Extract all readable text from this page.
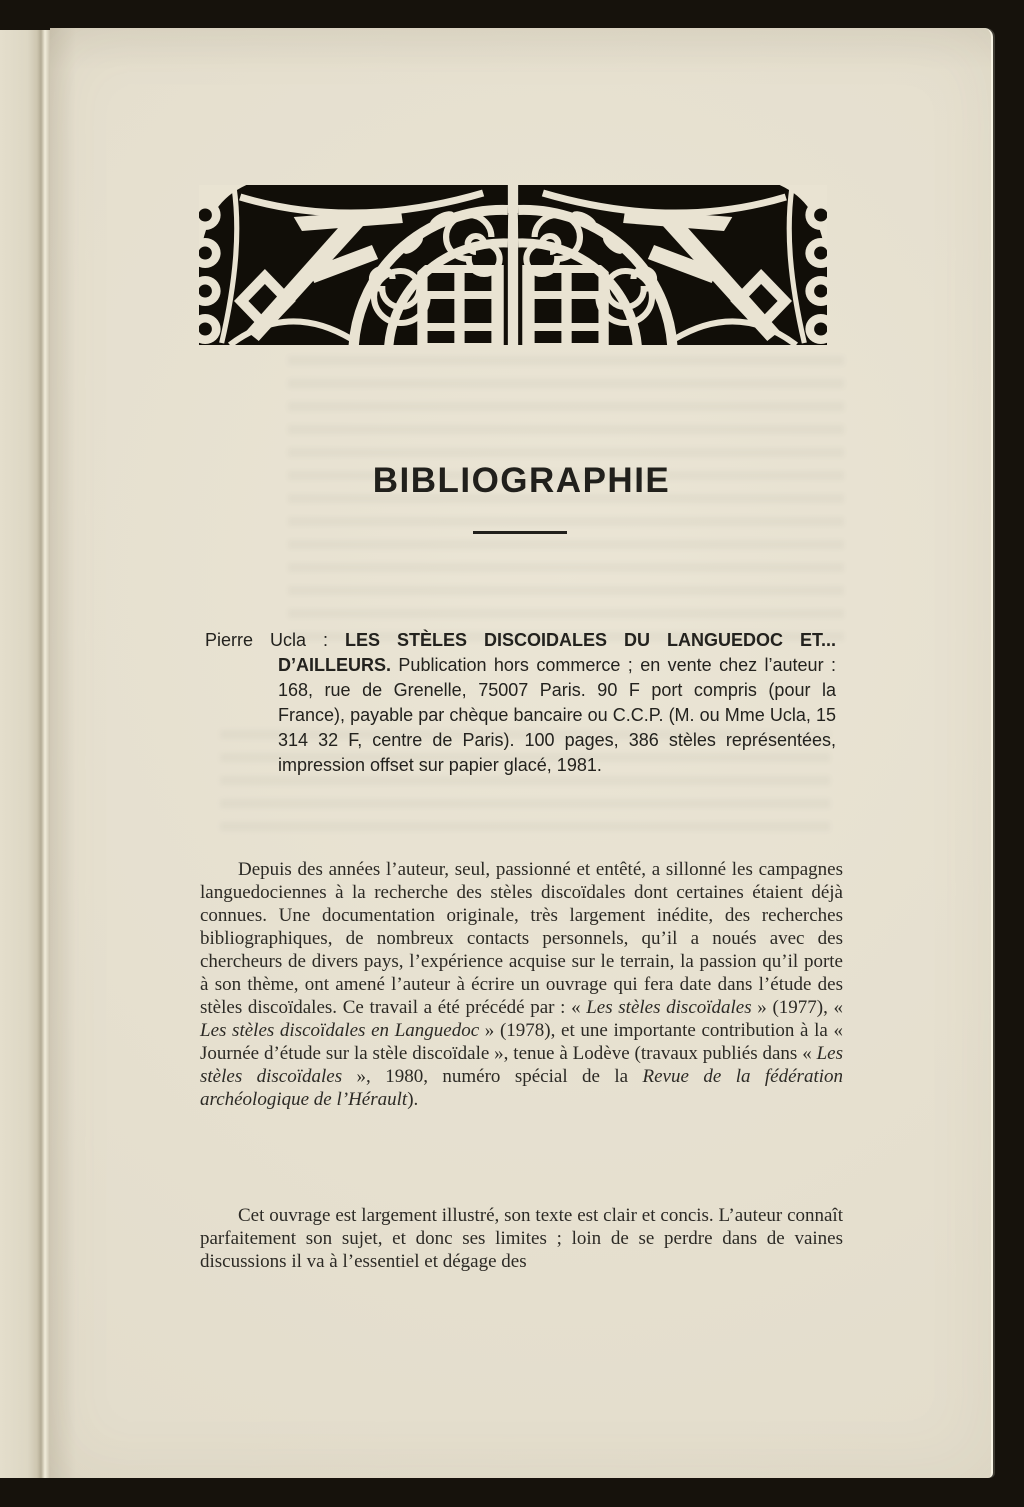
BIBLIOGRAPHIE

Pierre Ucla : LES STÈLES DISCOIDALES DU LANGUEDOC ET... D’AILLEURS. Publication hors commerce ; en vente chez l’auteur : 168, rue de Grenelle, 75007 Paris. 90 F port compris (pour la France), payable par chèque bancaire ou C.C.P. (M. ou Mme Ucla, 15 314 32 F, centre de Paris). 100 pages, 386 stèles représentées, impression offset sur papier glacé, 1981.

Depuis des années l’auteur, seul, passionné et entêté, a sillonné les campagnes languedociennes à la recherche des stèles discoïdales dont certaines étaient déjà connues. Une documentation originale, très largement inédite, des recherches bibliographiques, de nombreux contacts personnels, qu’il a noués avec des chercheurs de divers pays, l’expérience acquise sur le terrain, la passion qu’il porte à son thème, ont amené l’auteur à écrire un ouvrage qui fera date dans l’étude des stèles discoïdales. Ce travail a été précédé par : « Les stèles discoïdales » (1977), « Les stèles discoïdales en Languedoc » (1978), et une importante contribution à la « Journée d’étude sur la stèle discoïdale », tenue à Lodève (travaux publiés dans « Les stèles discoïdales », 1980, numéro spécial de la Revue de la fédération archéologique de l’Hérault).

Cet ouvrage est largement illustré, son texte est clair et concis. L’auteur connaît parfaitement son sujet, et donc ses limites ; loin de se perdre dans de vaines discussions il va à l’essentiel et dégage des
